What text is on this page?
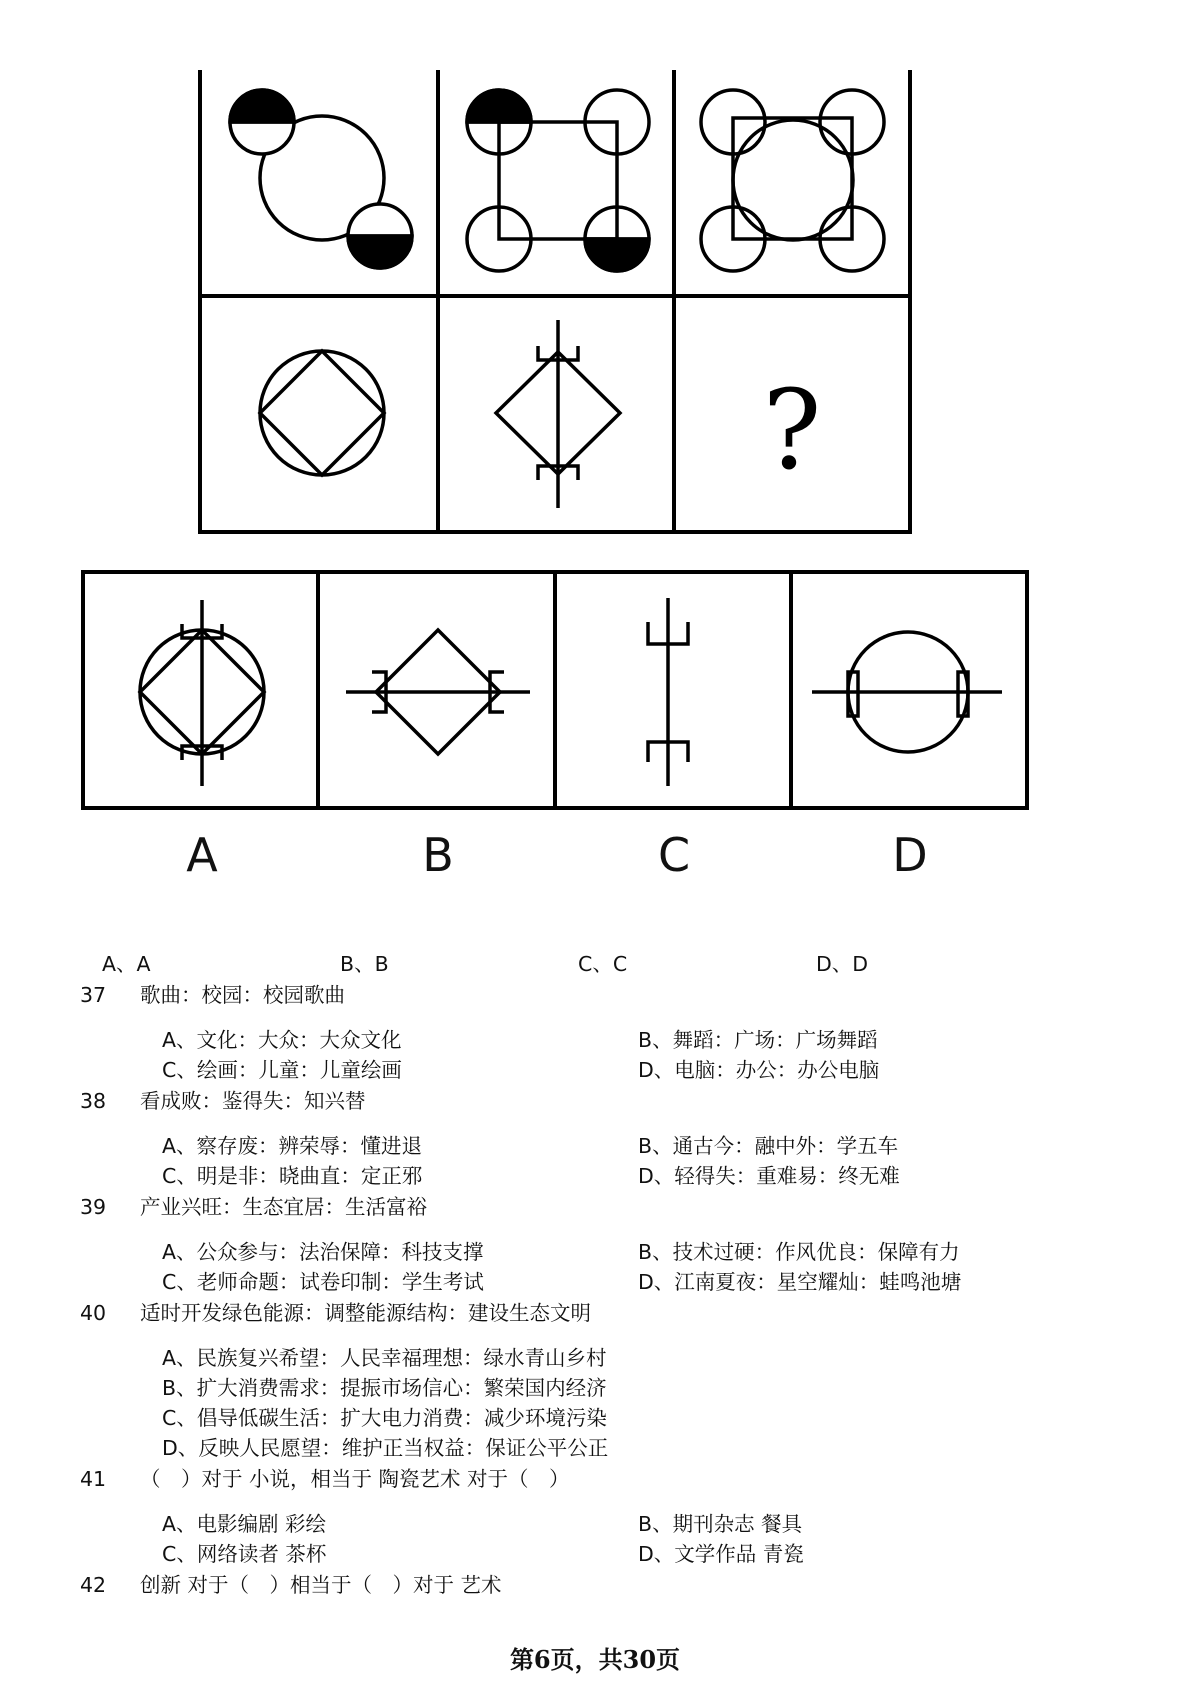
?
A	B	C	D
A、A	B、B	C、C	D、D
37 歌曲：校园：校园歌曲
A、文化：大众：大众文化	B、舞蹈：广场：广场舞蹈
C、绘画：儿童：儿童绘画	D、电脑：办公：办公电脑
38 看成败：鉴得失：知兴替
A、察存废：辨荣辱：懂进退	B、通古今：融中外：学五车
C、明是非：晓曲直：定正邪	D、轻得失：重难易：终无难
39 产业兴旺：生态宜居：生活富裕
A、公众参与：法治保障：科技支撑	B、技术过硬：作风优良：保障有力
C、老师命题：试卷印制：学生考试	D、江南夏夜：星空耀灿：蛙鸣池塘
40 适时开发绿色能源：调整能源结构：建设生态文明
A、民族复兴希望：人民幸福理想：绿水青山乡村
B、扩大消费需求：提振市场信心：繁荣国内经济
C、倡导低碳生活：扩大电力消费：减少环境污染
D、反映人民愿望：维护正当权益：保证公平公正
41 （　）对于 小说，相当于 陶瓷艺术 对于（　）
A、电影编剧 彩绘	B、期刊杂志 餐具
C、网络读者 茶杯	D、文学作品 青瓷
42 创新 对于（　）相当于（　）对于 艺术
第6页，共30页
